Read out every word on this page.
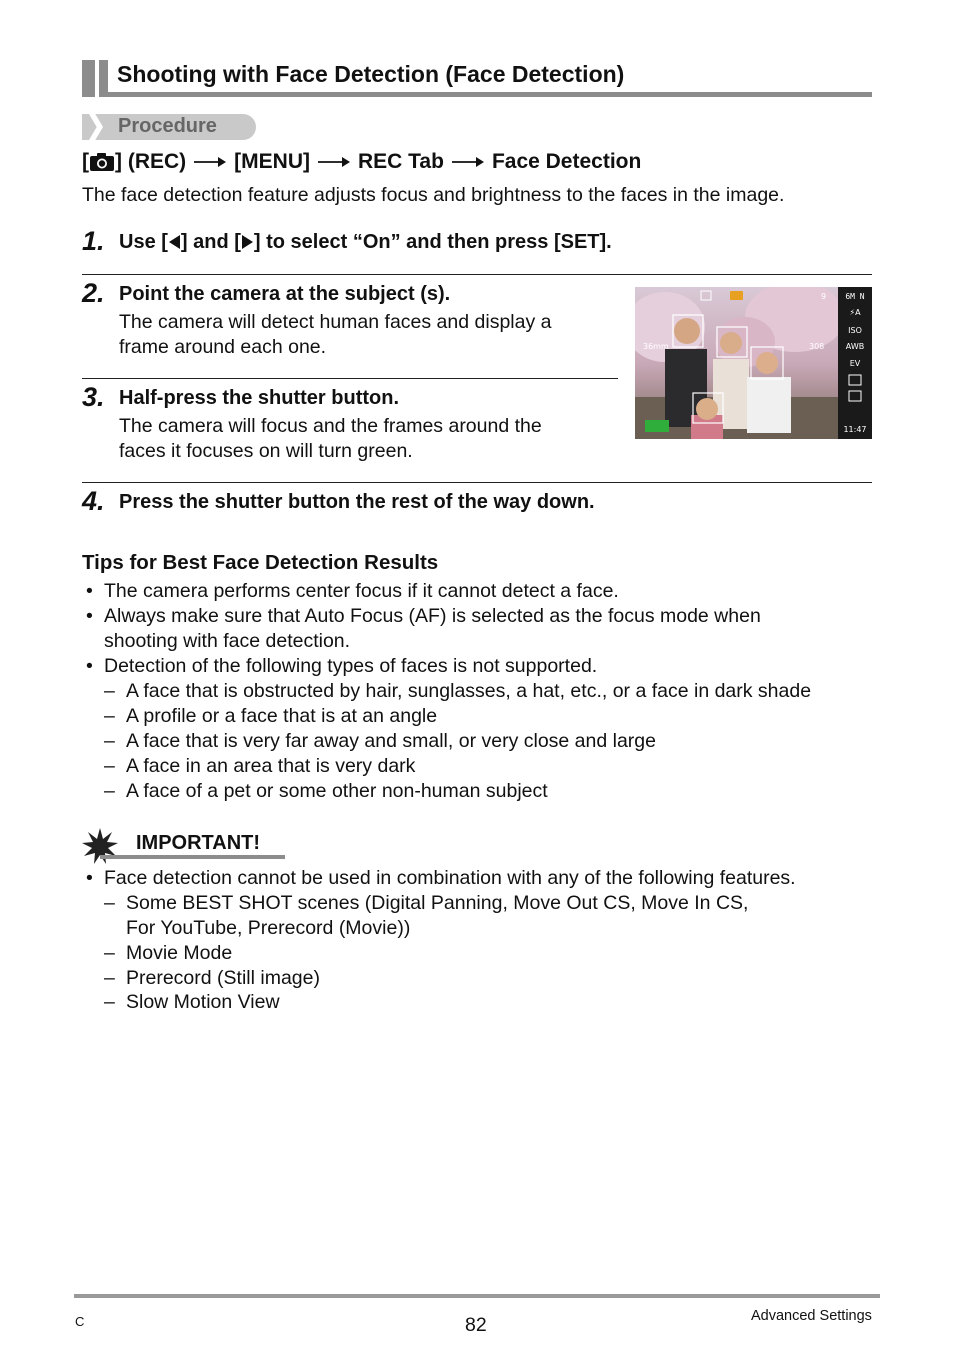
Shooting with Face Detection (Face Detection)
Procedure
[ ] (REC) [MENU] REC Tab Face Detection
The face detection feature adjusts focus and brightness to the faces in the image.
1. Use [ ] and [ ] to select “On” and then press [SET].
2. Point the camera at the subject (s).
The camera will detect human faces and display a
frame around each one.
3. Half-press the shutter button.
The camera will focus and the frames around the
faces it focuses on will turn green.
4. Press the shutter button the rest of the way down.
6M N
⚡A
ISO
AWB
EV
11:47
36mm	308
9
Tips for Best Face Detection Results
• The camera performs center focus if it cannot detect a face.
• Always make sure that Auto Focus (AF) is selected as the focus mode when
shooting with face detection.
• Detection of the following types of faces is not supported.
– A face that is obstructed by hair, sunglasses, a hat, etc., or a face in dark shade
– A profile or a face that is at an angle
– A face that is very far away and small, or very close and large
– A face in an area that is very dark
– A face of a pet or some other non-human subject
IMPORTANT!
• Face detection cannot be used in combination with any of the following features.
– Some BEST SHOT scenes (Digital Panning, Move Out CS, Move In CS,
For YouTube, Prerecord (Movie))
– Movie Mode
– Prerecord (Still image)
– Slow Motion View
C	82	Advanced Settings
